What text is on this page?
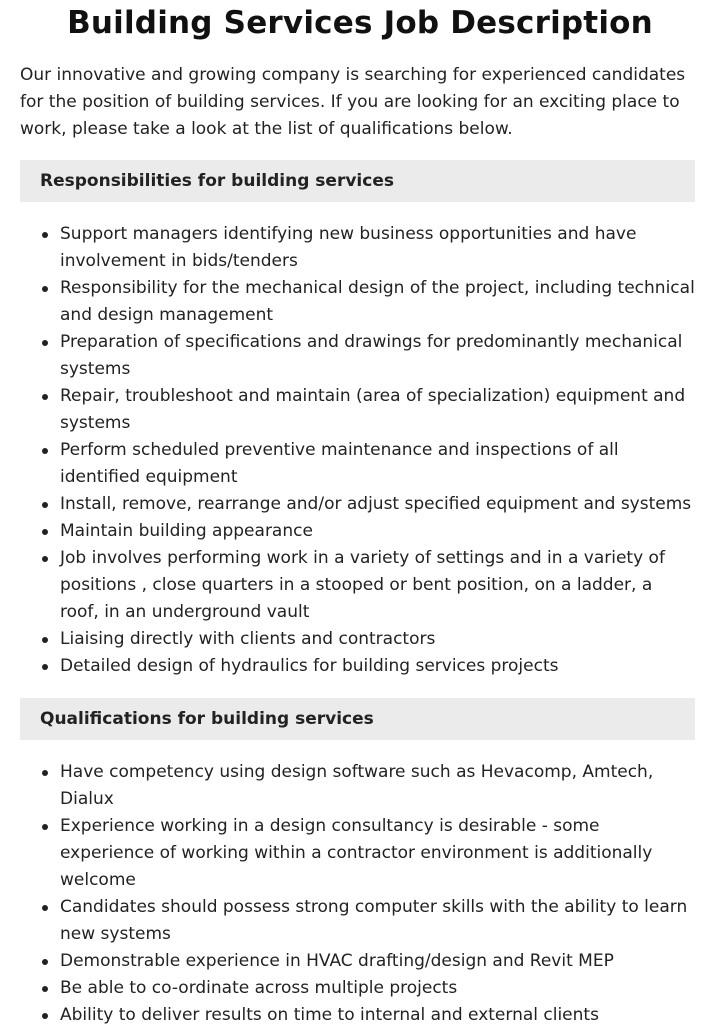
Building Services Job Description

Our innovative and growing company is searching for experienced candidates for the position of building services. If you are looking for an exciting place to work, please take a look at the list of qualifications below.

Responsibilities for building services
Support managers identifying new business opportunities and have involvement in bids/tenders
Responsibility for the mechanical design of the project, including technical and design management
Preparation of specifications and drawings for predominantly mechanical systems
Repair, troubleshoot and maintain (area of specialization) equipment and systems
Perform scheduled preventive maintenance and inspections of all identified equipment
Install, remove, rearrange and/or adjust specified equipment and systems
Maintain building appearance
Job involves performing work in a variety of settings and in a variety of positions , close quarters in a stooped or bent position, on a ladder, a roof, in an underground vault
Liaising directly with clients and contractors
Detailed design of hydraulics for building services projects
Qualifications for building services
Have competency using design software such as Hevacomp, Amtech, Dialux
Experience working in a design consultancy is desirable - some experience of working within a contractor environment is additionally welcome
Candidates should possess strong computer skills with the ability to learn new systems
Demonstrable experience in HVAC drafting/design and Revit MEP
Be able to co-ordinate across multiple projects
Ability to deliver results on time to internal and external clients
